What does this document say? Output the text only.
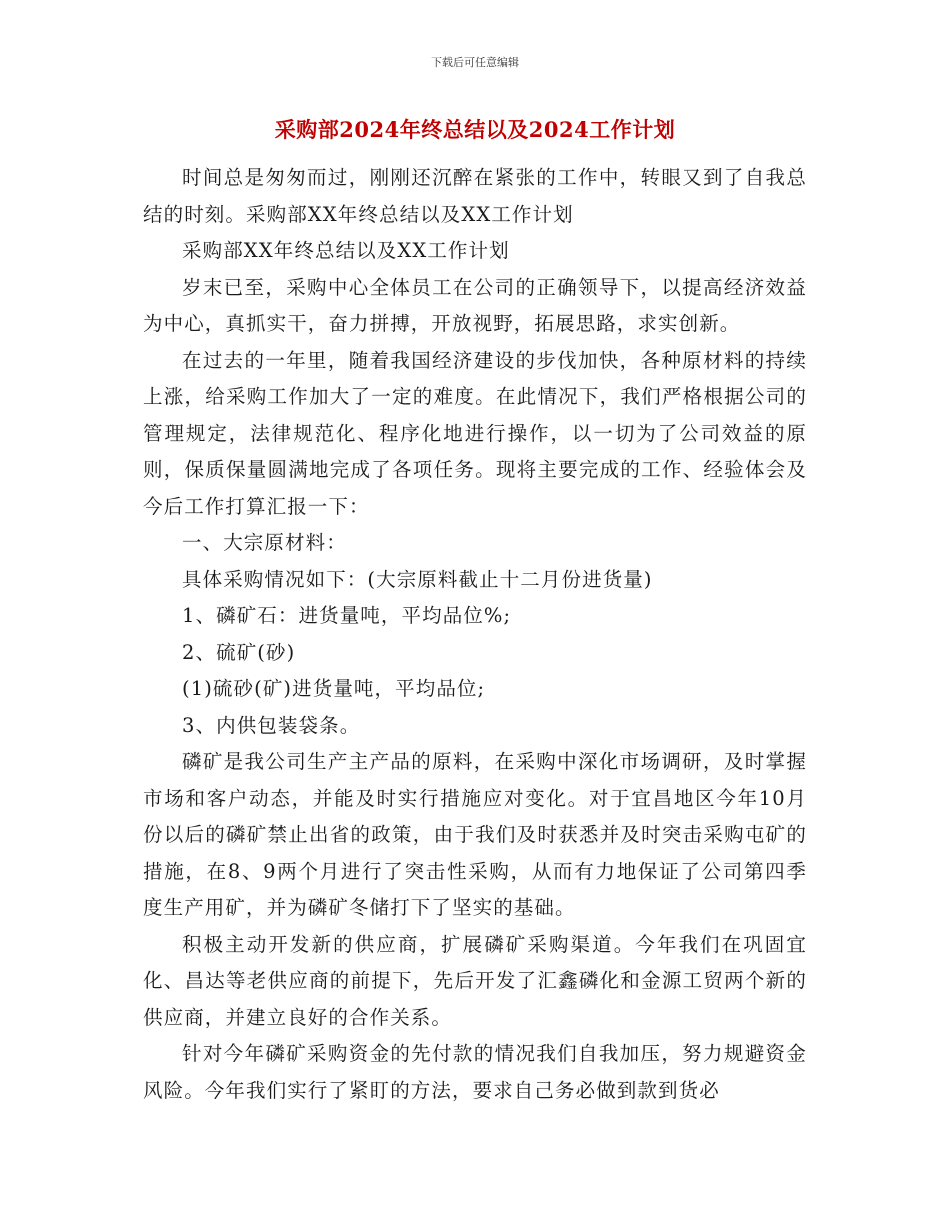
下载后可任意编辑
采购部2024年终总结以及2024工作计划

时间总是匆匆而过，刚刚还沉醉在紧张的工作中，转眼又到了自我总结的时刻。采购部XX年终总结以及XX工作计划

采购部XX年终总结以及XX工作计划

岁末已至，采购中心全体员工在公司的正确领导下，以提高经济效益为中心，真抓实干，奋力拼搏，开放视野，拓展思路，求实创新。

在过去的一年里，随着我国经济建设的步伐加快，各种原材料的持续上涨，给采购工作加大了一定的难度。在此情况下，我们严格根据公司的管理规定，法律规范化、程序化地进行操作，以一切为了公司效益的原则，保质保量圆满地完成了各项任务。现将主要完成的工作、经验体会及今后工作打算汇报一下：

一、大宗原材料：

具体采购情况如下：(大宗原料截止十二月份进货量)

1、磷矿石：进货量吨，平均品位%;

2、硫矿(砂)

(1)硫砂(矿)进货量吨，平均品位;

3、内供包装袋条。

磷矿是我公司生产主产品的原料，在采购中深化市场调研，及时掌握市场和客户动态，并能及时实行措施应对变化。对于宜昌地区今年10月份以后的磷矿禁止出省的政策，由于我们及时获悉并及时突击采购屯矿的措施，在8、9两个月进行了突击性采购，从而有力地保证了公司第四季度生产用矿，并为磷矿冬储打下了坚实的基础。

积极主动开发新的供应商，扩展磷矿采购渠道。今年我们在巩固宜化、昌达等老供应商的前提下，先后开发了汇鑫磷化和金源工贸两个新的供应商，并建立良好的合作关系。

针对今年磷矿采购资金的先付款的情况我们自我加压，努力规避资金风险。今年我们实行了紧盯的方法，要求自己务必做到款到货必
